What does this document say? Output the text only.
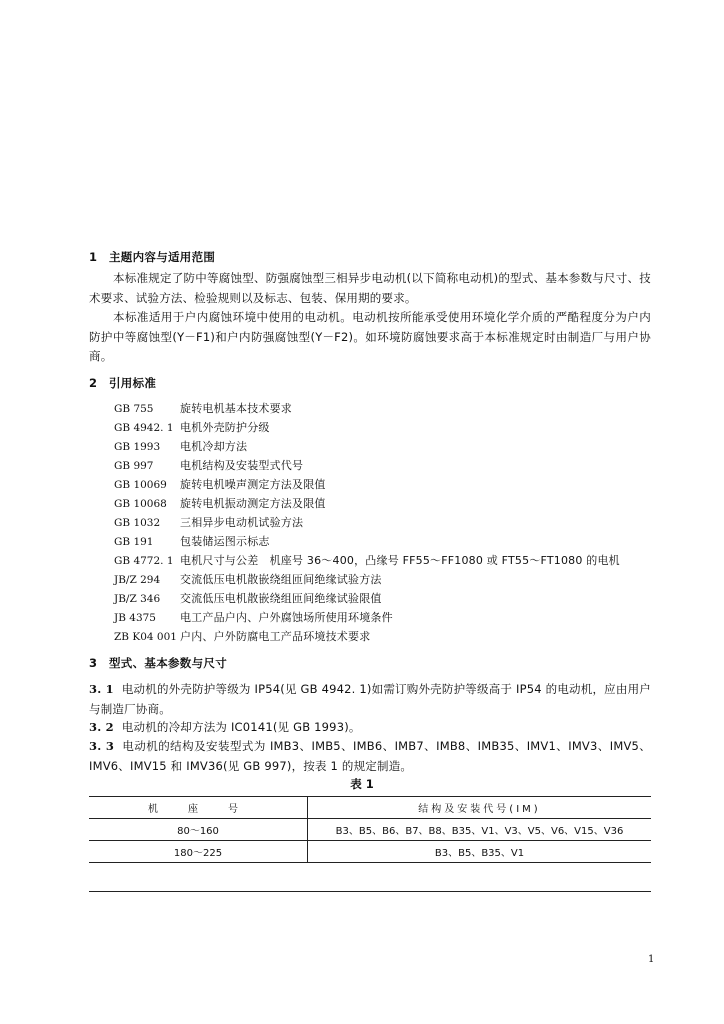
1 主题内容与适用范围

本标准规定了防中等腐蚀型、防强腐蚀型三相异步电动机(以下简称电动机)的型式、基本参数与尺寸、技术要求、试验方法、检验规则以及标志、包装、保用期的要求。

本标准适用于户内腐蚀环境中使用的电动机。电动机按所能承受使用环境化学介质的严酷程度分为户内防护中等腐蚀型(Y－F1)和户内防强腐蚀型(Y－F2)。如环境防腐蚀要求高于本标准规定时由制造厂与用户协商。

2 引用标准
GB 755 旋转电机基本技术要求
GB 4942. 1 电机外壳防护分级
GB 1993 电机冷却方法
GB 997 电机结构及安装型式代号
GB 10069 旋转电机噪声测定方法及限值
GB 10068 旋转电机振动测定方法及限值
GB 1032 三相异步电动机试验方法
GB 191 包装储运图示标志
GB 4772. 1 电机尺寸与公差　机座号 36～400，凸缘号 FF55～FF1080 或 FT55～FT1080 的电机
JB/Z 294 交流低压电机散嵌绕组匝间绝缘试验方法
JB/Z 346 交流低压电机散嵌绕组匝间绝缘试验限值
JB 4375 电工产品户内、户外腐蚀场所使用环境条件
ZB K04 001 户内、户外防腐电工产品环境技术要求
3 型式、基本参数与尺寸

3. 1 电动机的外壳防护等级为 IP54(见 GB 4942. 1)如需订购外壳防护等级高于 IP54 的电动机，应由用户与制造厂协商。

3. 2 电动机的冷却方法为 IC0141(见 GB 1993)。

3. 3 电动机的结构及安装型式为 IMB3、IMB5、IMB6、IMB7、IMB8、IMB35、IMV1、IMV3、IMV5、IMV6、IMV15 和 IMV36(见 GB 997)，按表 1 的规定制造。

表 1
机　座　号	结构及安装代号(IM)
80～160	B3、B5、B6、B7、B8、B35、V1、V3、V5、V6、V15、V36
180～225	B3、B5、B35、V1

1
